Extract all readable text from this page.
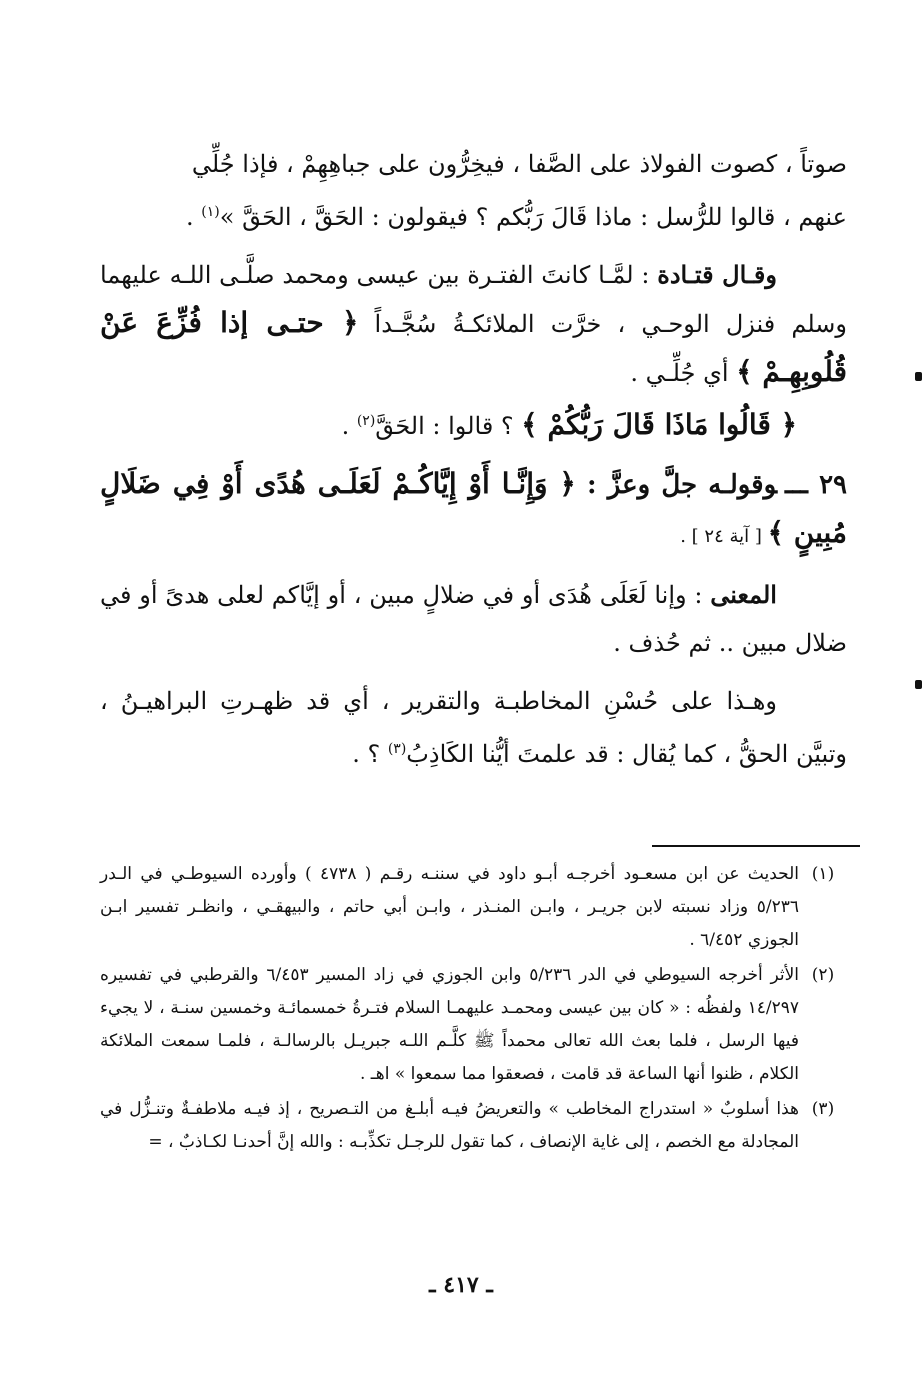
صوتاً ، كصوت الفولاذ على الصَّفا ، فيخِرُّون على جباهِهِمْ ، فإذا جُلِّي

عنهم ، قالوا للرُّسل : ماذا قَالَ رَبُّكم ؟ فيقولون : الحَقَّ ، الحَقَّ »$^{(١)}$ .

وقـال قتـادة : لمَّـا كانتَ الفتـرة بين عيسى ومحمد صلَّـى اللـه عليهما وسلم فنزل الوحـي ، خرَّت الملائكـةُ سُجَّـداً ﴿ حتـى إذا فُزِّعَ عَنْ قُلُوبِهِـمْ ﴾ أي جُلِّـي .

﴿ قَالُوا مَاذَا قَالَ رَبُّكُمْ ﴾ ؟ قالوا : الحَقَّ$^{(٢)}$ .

٢٩ ـــوقولـه جلَّ وعزَّ : ﴿ وَإِنَّـا أَوْ إِيَّاكُـمْ لَعَلَـى هُدًى أَوْ فِي ضَلَالٍ مُبِينٍ ﴾ [ آية ٢٤ ] .
المعنى : وإنا لَعَلَى هُدَى أو في ضلالٍ مبين ، أو إيَّاكم لعلى هدىً أو في ضلال مبين .. ثم حُذف .
وهـذا على حُسْنِ المخاطبـة والتقرير ، أي قد ظهـرتِ البراهيـنُ ، وتبيَّن الحقُّ ، كما يُقال : قد علمتَ أيُّنا الكَاذِبُ$^{(٣)}$ ؟ .
(١)
الحديث عن ابن مسعـود أخرجـه أبـو داود في سننـه رقـم ( ٤٧٣٨ ) وأورده السيوطـي في الـدر ٥/٢٣٦ وزاد نسبته لابن جريـر ، وابـن المنـذر ، وابـن أبي حاتم ، والبيهقـي ، وانظـر تفسير ابـن الجوزي ٦/٤٥٢ .
(٢)
الأثر أخرجه السيوطي في الدر ٥/٢٣٦ وابن الجوزي في زاد المسير ٦/٤٥٣ والقرطبي في تفسيره ١٤/٢٩٧ ولفظُه : « كان بين عيسى ومحمـد عليهمـا السلام فتـرةُ خمسمائـة وخمسين سنـة ، لا يجيء فيها الرسل ، فلما بعث الله تعالى محمداً ﷺ كلَّـم اللـه جبريـل بالرسالـة ، فلمـا سمعت الملائكة الكلام ، ظنوا أنها الساعة قد قامت ، فصعقوا مما سمعوا » اهـ .
(٣)
هذا أسلوبٌ « استدراج المخاطب » والتعريضُ فيـه أبلـغ من التـصريح ، إذ فيـه ملاطفـةٌ وتنـزُّل في المجادلة مع الخصم ، إلى غاية الإنصاف ، كما تقول للرجـل تكذِّبـه : والله إنَّ أحدنـا لكـاذبٌ ، =
ـ ٤١٧ ـ
